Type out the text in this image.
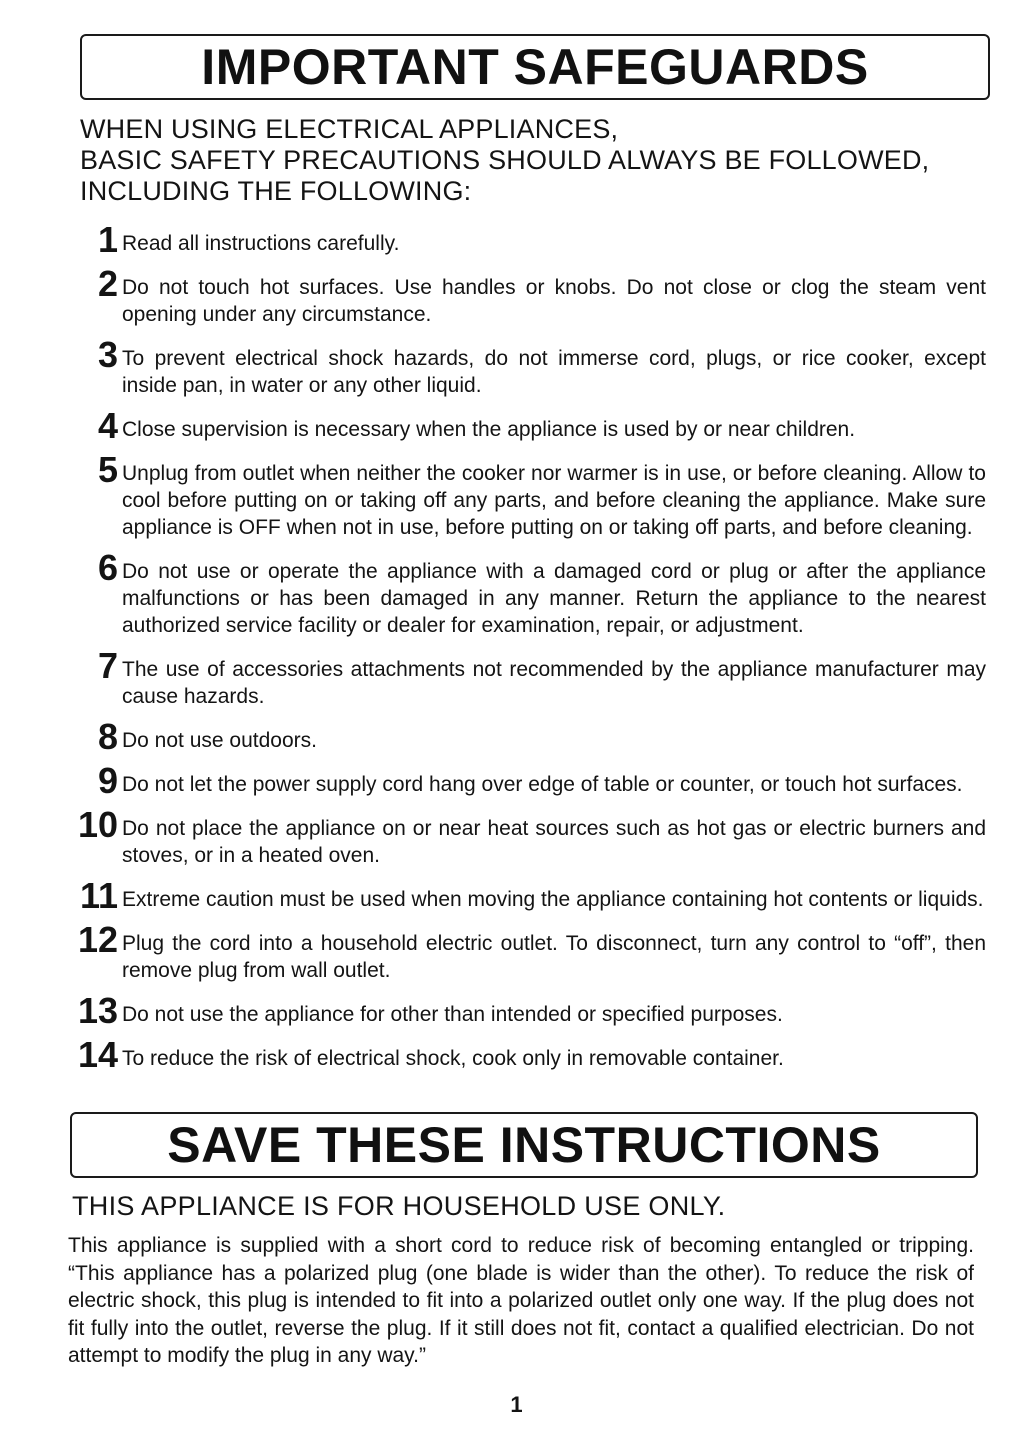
IMPORTANT SAFEGUARDS
WHEN USING ELECTRICAL APPLIANCES,
BASIC SAFETY PRECAUTIONS SHOULD ALWAYS BE FOLLOWED,
INCLUDING THE FOLLOWING:
1 Read all instructions carefully.
2 Do not touch hot surfaces. Use handles or knobs. Do not close or clog the steam vent opening under any circumstance.
3 To prevent electrical shock hazards, do not immerse cord, plugs, or rice cooker, except inside pan, in water or any other liquid.
4 Close supervision is necessary when the appliance is used by or near children.
5 Unplug from outlet when neither the cooker nor warmer is in use, or before cleaning. Allow to cool before putting on or taking off any parts, and before cleaning the appliance. Make sure appliance is OFF when not in use, before putting on or taking off parts, and before cleaning.
6 Do not use or operate the appliance with a damaged cord or plug or after the appliance malfunctions or has been damaged in any manner. Return the appliance to the nearest authorized service facility or dealer for examination, repair, or adjustment.
7 The use of accessories attachments not recommended by the appliance manufacturer may cause hazards.
8 Do not use outdoors.
9 Do not let the power supply cord hang over edge of table or counter, or touch hot surfaces.
10 Do not place the appliance on or near heat sources such as hot gas or electric burners and stoves, or in a heated oven.
11 Extreme caution must be used when moving the appliance containing hot contents or liquids.
12 Plug the cord into a household electric outlet. To disconnect, turn any control to “off”, then remove plug from wall outlet.
13 Do not use the appliance for other than intended or specified purposes.
14 To reduce the risk of electrical shock, cook only in removable container.
SAVE THESE INSTRUCTIONS
THIS APPLIANCE IS FOR HOUSEHOLD USE ONLY.
This appliance is supplied with a short cord to reduce risk of becoming entangled or tripping. “This appliance has a polarized plug (one blade is wider than the other). To reduce the risk of electric shock, this plug is intended to fit into a polarized outlet only one way. If the plug does not fit fully into the outlet, reverse the plug. If it still does not fit, contact a qualified electrician. Do not attempt to modify the plug in any way.”
1
